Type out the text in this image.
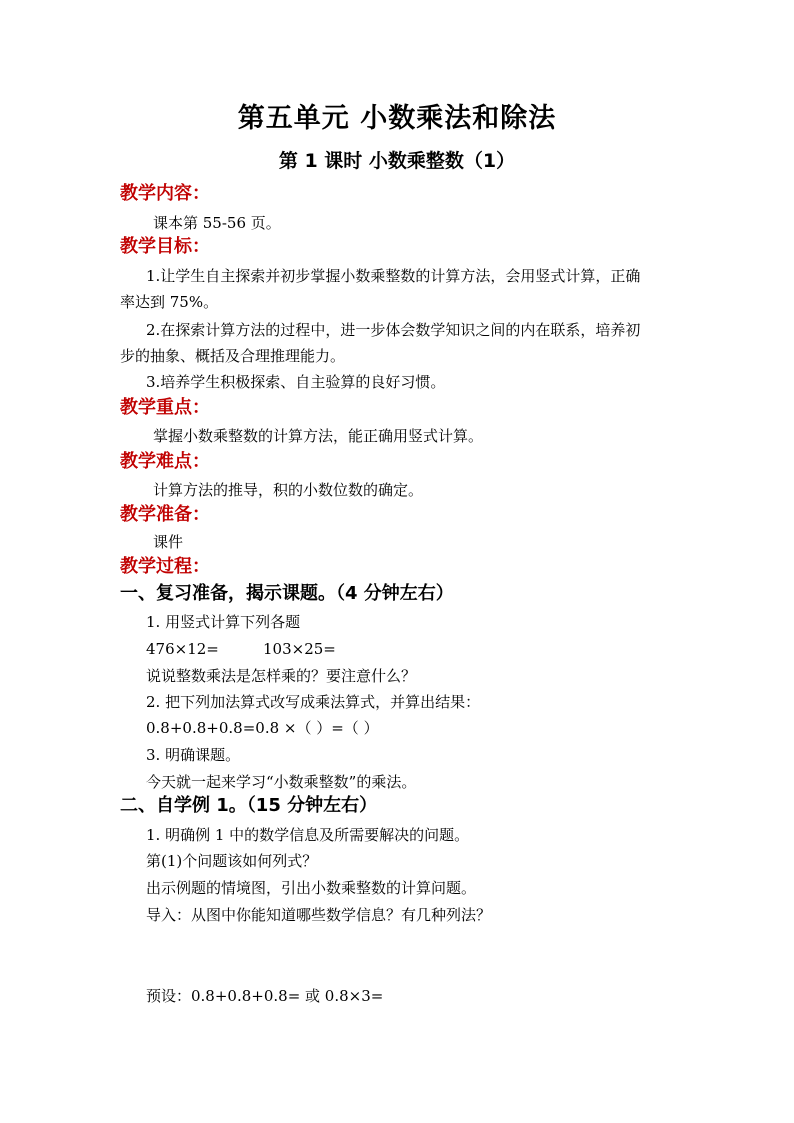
第五单元 小数乘法和除法
第 1 课时 小数乘整数（1）
教学内容：
课本第 55-56 页。
教学目标：
1.让学生自主探索并初步掌握小数乘整数的计算方法，会用竖式计算，正确
率达到 75%。
2.在探索计算方法的过程中，进一步体会数学知识之间的内在联系，培养初
步的抽象、概括及合理推理能力。
3.培养学生积极探索、自主验算的良好习惯。
教学重点：
掌握小数乘整数的计算方法，能正确用竖式计算。
教学难点：
计算方法的推导，积的小数位数的确定。
教学准备：
课件
教学过程：
一、复习准备，揭示课题。（4 分钟左右）
1. 用竖式计算下列各题
476×12=	103×25=
说说整数乘法是怎样乘的？要注意什么？
2. 把下列加法算式改写成乘法算式，并算出结果：
0.8+0.8+0.8=0.8 ×（ ）=（ ）
3. 明确课题。
今天就一起来学习“小数乘整数”的乘法。
二、自学例 1。（15 分钟左右）
1. 明确例 1 中的数学信息及所需要解决的问题。
第(1)个问题该如何列式？
出示例题的情境图，引出小数乘整数的计算问题。
导入：从图中你能知道哪些数学信息？有几种列法？
预设：0.8+0.8+0.8= 或 0.8×3=
